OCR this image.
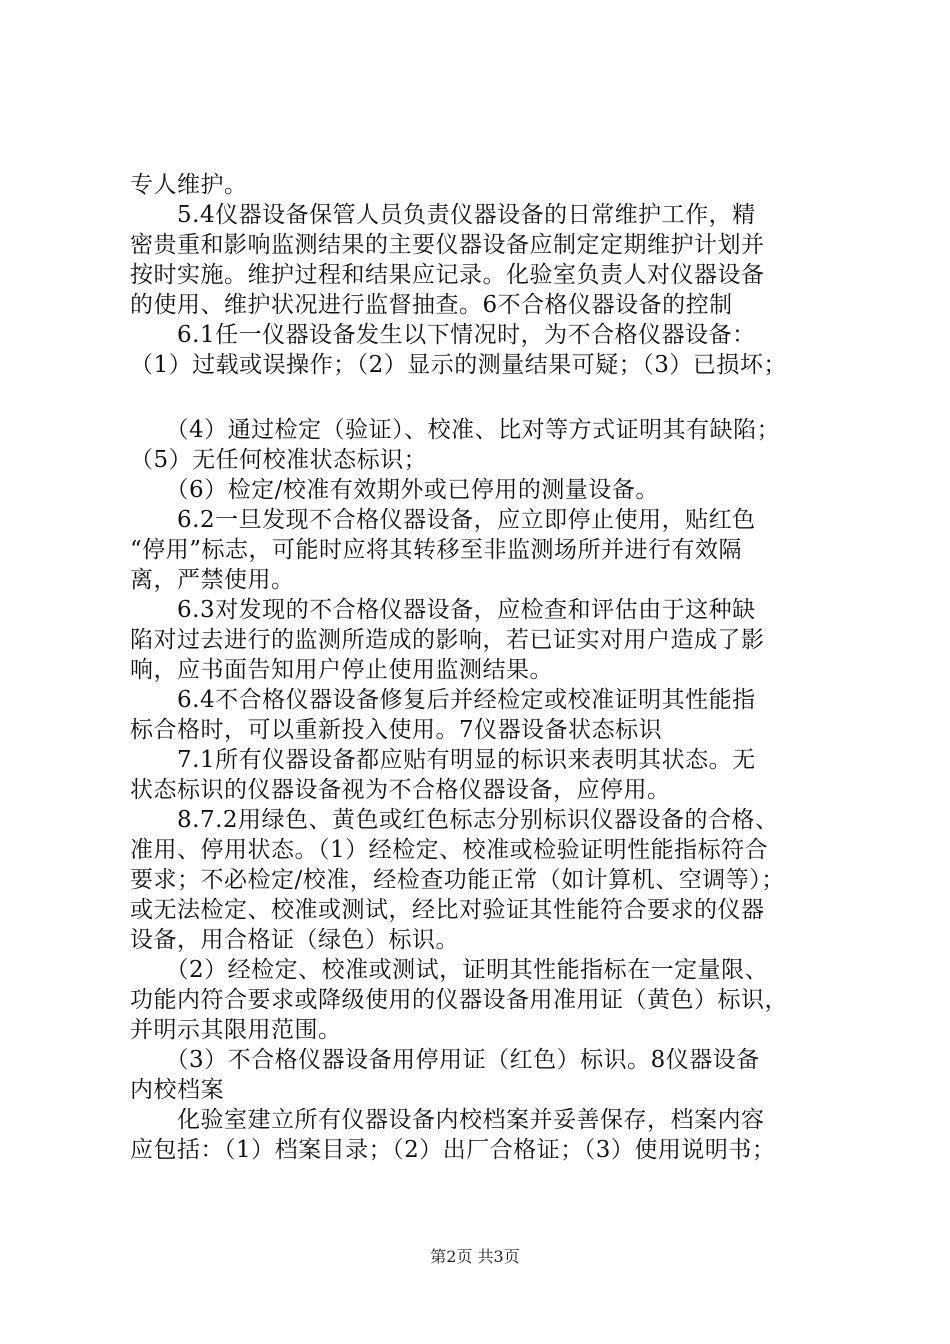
专人维护。
　　5.4仪器设备保管人员负责仪器设备的日常维护工作，精
密贵重和影响监测结果的主要仪器设备应制定定期维护计划并
按时实施。维护过程和结果应记录。化验室负责人对仪器设备
的使用、维护状况进行监督抽查。6不合格仪器设备的控制
　　6.1任一仪器设备发生以下情况时，为不合格仪器设备：
（1）过载或误操作；（2）显示的测量结果可疑；（3）已损坏；
　　（4）通过检定（验证）、校准、比对等方式证明其有缺陷；
（5）无任何校准状态标识；
　　（6）检定/校准有效期外或已停用的测量设备。
　　6.2一旦发现不合格仪器设备，应立即停止使用，贴红色
“停用”标志，可能时应将其转移至非监测场所并进行有效隔
离，严禁使用。
　　6.3对发现的不合格仪器设备，应检查和评估由于这种缺
陷对过去进行的监测所造成的影响，若已证实对用户造成了影
响，应书面告知用户停止使用监测结果。
　　6.4不合格仪器设备修复后并经检定或校准证明其性能指
标合格时，可以重新投入使用。7仪器设备状态标识
　　7.1所有仪器设备都应贴有明显的标识来表明其状态。无
状态标识的仪器设备视为不合格仪器设备，应停用。
　　8.7.2用绿色、黄色或红色标志分别标识仪器设备的合格、
准用、停用状态。（1）经检定、校准或检验证明性能指标符合
要求；不必检定/校准，经检查功能正常（如计算机、空调等）；
或无法检定、校准或测试，经比对验证其性能符合要求的仪器
设备，用合格证（绿色）标识。
　　（2）经检定、校准或测试，证明其性能指标在一定量限、
功能内符合要求或降级使用的仪器设备用准用证（黄色）标识，
并明示其限用范围。
　　（3）不合格仪器设备用停用证（红色）标识。8仪器设备
内校档案
　　化验室建立所有仪器设备内校档案并妥善保存，档案内容
应包括：（1）档案目录；（2）出厂合格证；（3）使用说明书；
第2页 共3页
